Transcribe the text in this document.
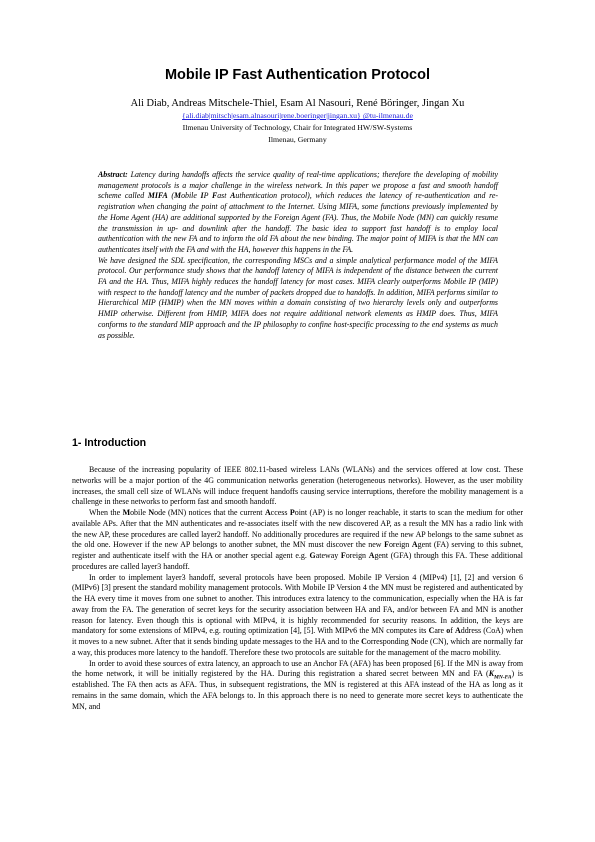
Mobile IP Fast Authentication Protocol
Ali Diab, Andreas Mitschele-Thiel, Esam Al Nasouri, René Böringer, Jingan Xu
{ali.diab|mitsch|esam.alnasouri|rene.boeringer|jingan.xu} @tu-ilmenau.de
Ilmenau University of Technology, Chair for Integrated HW/SW-Systems
Ilmenau, Germany

Abstract: Latency during handoffs affects the service quality of real-time applications; therefore the developing of mobility management protocols is a major challenge in the wireless network. In this paper we propose a fast and smooth handoff scheme called MIFA (Mobile IP Fast Authentication protocol), which reduces the latency of re-authentication and re-registration when changing the point of attachment to the Internet. Using MIFA, some functions previously implemented by the Home Agent (HA) are additional supported by the Foreign Agent (FA). Thus, the Mobile Node (MN) can quickly resume the transmission in up- and downlink after the handoff. The basic idea to support fast handoff is to employ local authentication with the new FA and to inform the old FA about the new binding. The major point of MIFA is that the MN can authenticates itself with the FA and with the HA, however this happens in the FA.

We have designed the SDL specification, the corresponding MSCs and a simple analytical performance model of the MIFA protocol. Our performance study shows that the handoff latency of MIFA is independent of the distance between the current FA and the HA. Thus, MIFA highly reduces the handoff latency for most cases. MIFA clearly outperforms Mobile IP (MIP) with respect to the handoff latency and the number of packets dropped due to handoffs. In addition, MIFA performs similar to Hierarchical MIP (HMIP) when the MN moves within a domain consisting of two hierarchy levels only and outperforms HMIP otherwise. Different from HMIP, MIFA does not require additional network elements as HMIP does. Thus, MIFA conforms to the standard MIP approach and the IP philosophy to confine host-specific processing to the end systems as much as possible.

1- Introduction

Because of the increasing popularity of IEEE 802.11-based wireless LANs (WLANs) and the services offered at low cost. These networks will be a major portion of the 4G communication networks generation (heterogeneous networks). However, as the user mobility increases, the small cell size of WLANs will induce frequent handoffs causing service interruptions, therefore the mobility management is a challenge in these networks to perform fast and smooth handoff.

When the Mobile Node (MN) notices that the current Access Point (AP) is no longer reachable, it starts to scan the medium for other available APs. After that the MN authenticates and re-associates itself with the new discovered AP, as a result the MN has a radio link with the new AP, these procedures are called layer2 handoff. No additionally procedures are required if the new AP belongs to the same subnet as the old one. However if the new AP belongs to another subnet, the MN must discover the new Foreign Agent (FA) serving to this subnet, register and authenticate itself with the HA or another special agent e.g. Gateway Foreign Agent (GFA) through this FA. These additional procedures are called layer3 handoff.

In order to implement layer3 handoff, several protocols have been proposed. Mobile IP Version 4 (MIPv4) [1], [2] and version 6 (MIPv6) [3] present the standard mobility management protocols. With Mobile IP Version 4 the MN must be registered and authenticated by the HA every time it moves from one subnet to another. This introduces extra latency to the communication, especially when the HA is far away from the FA. The generation of secret keys for the security association between HA and FA, and/or between FA and MN is another reason for latency. Even though this is optional with MIPv4, it is highly recommended for security reasons. In addition, the keys are mandatory for some extensions of MIPv4, e.g. routing optimization [4], [5]. With MIPv6 the MN computes its Care of Address (CoA) when it moves to a new subnet. After that it sends binding update messages to the HA and to the Corresponding Node (CN), which are normally far a way, this produces more latency to the handoff. Therefore these two protocols are suitable for the management of the macro mobility.

In order to avoid these sources of extra latency, an approach to use an Anchor FA (AFA) has been proposed [6]. If the MN is away from the home network, it will be initially registered by the HA. During this registration a shared secret between MN and FA $(K_{MN-FA})$ is established. The FA then acts as AFA. Thus, in subsequent registrations, the MN is registered at this AFA instead of the HA as long as it remains in the same domain, which the AFA belongs to. In this approach there is no need to generate more secret keys to authenticate the MN, and
